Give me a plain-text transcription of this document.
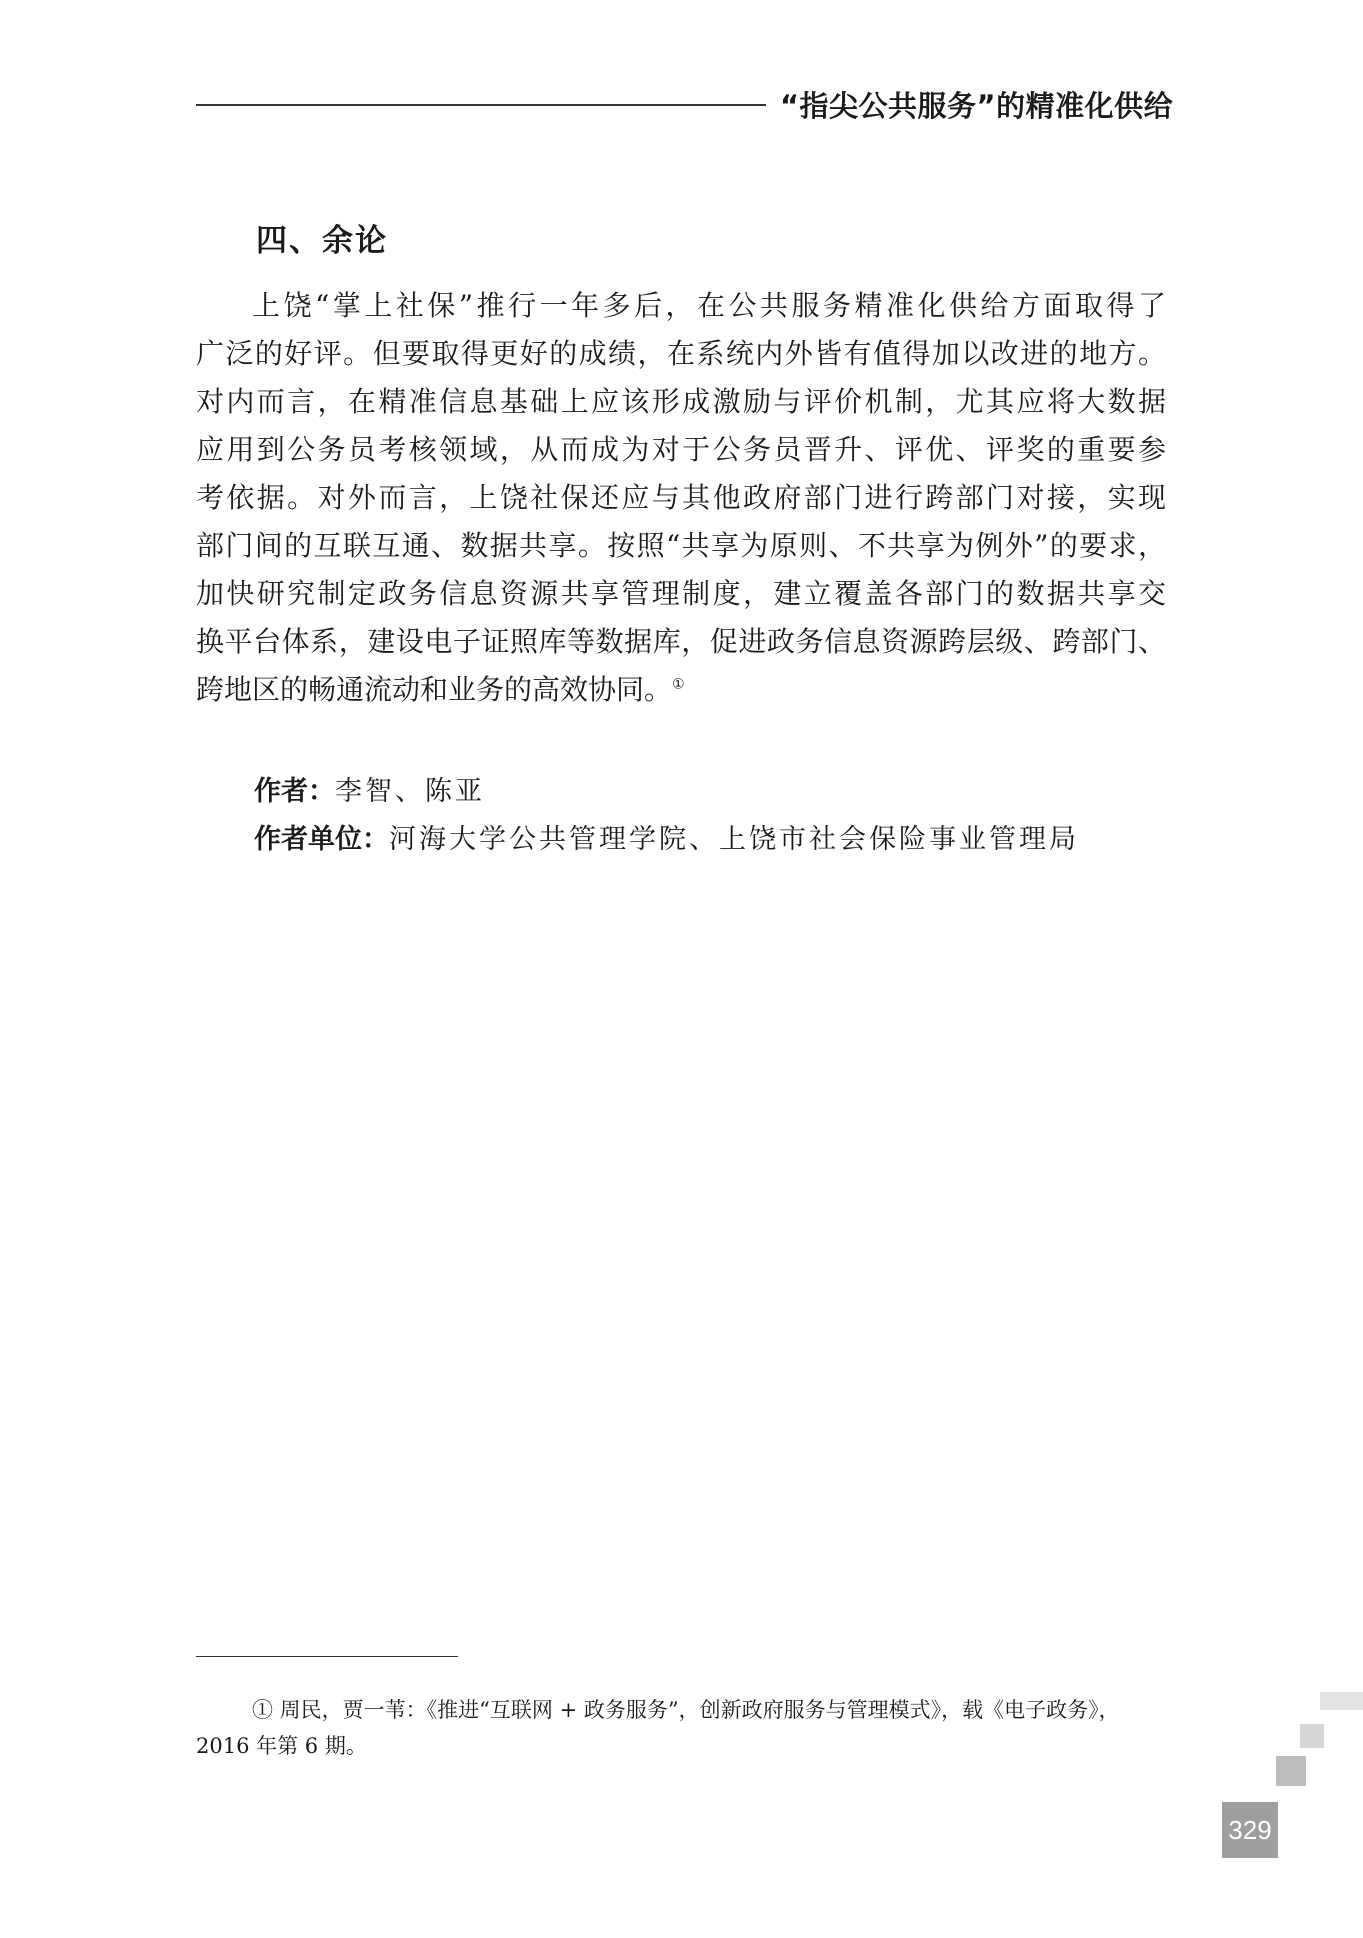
“指尖公共服务”的精准化供给
四、余论
上饶“掌上社保”推行一年多后，在公共服务精准化供给方面取得了
广泛的好评。但要取得更好的成绩，在系统内外皆有值得加以改进的地方。
对内而言，在精准信息基础上应该形成激励与评价机制，尤其应将大数据
应用到公务员考核领域，从而成为对于公务员晋升、评优、评奖的重要参
考依据。对外而言，上饶社保还应与其他政府部门进行跨部门对接，实现
部门间的互联互通、数据共享。按照“共享为原则、不共享为例外”的要求，
加快研究制定政务信息资源共享管理制度，建立覆盖各部门的数据共享交
换平台体系，建设电子证照库等数据库，促进政务信息资源跨层级、跨部门、
跨地区的畅通流动和业务的高效协同。①
作者：李智、陈亚
作者单位：河海大学公共管理学院、上饶市社会保险事业管理局
① 周民，贾一苇：《推进“互联网 + 政务服务”，创新政府服务与管理模式》，载《电子政务》，
2016 年第 6 期。
329
